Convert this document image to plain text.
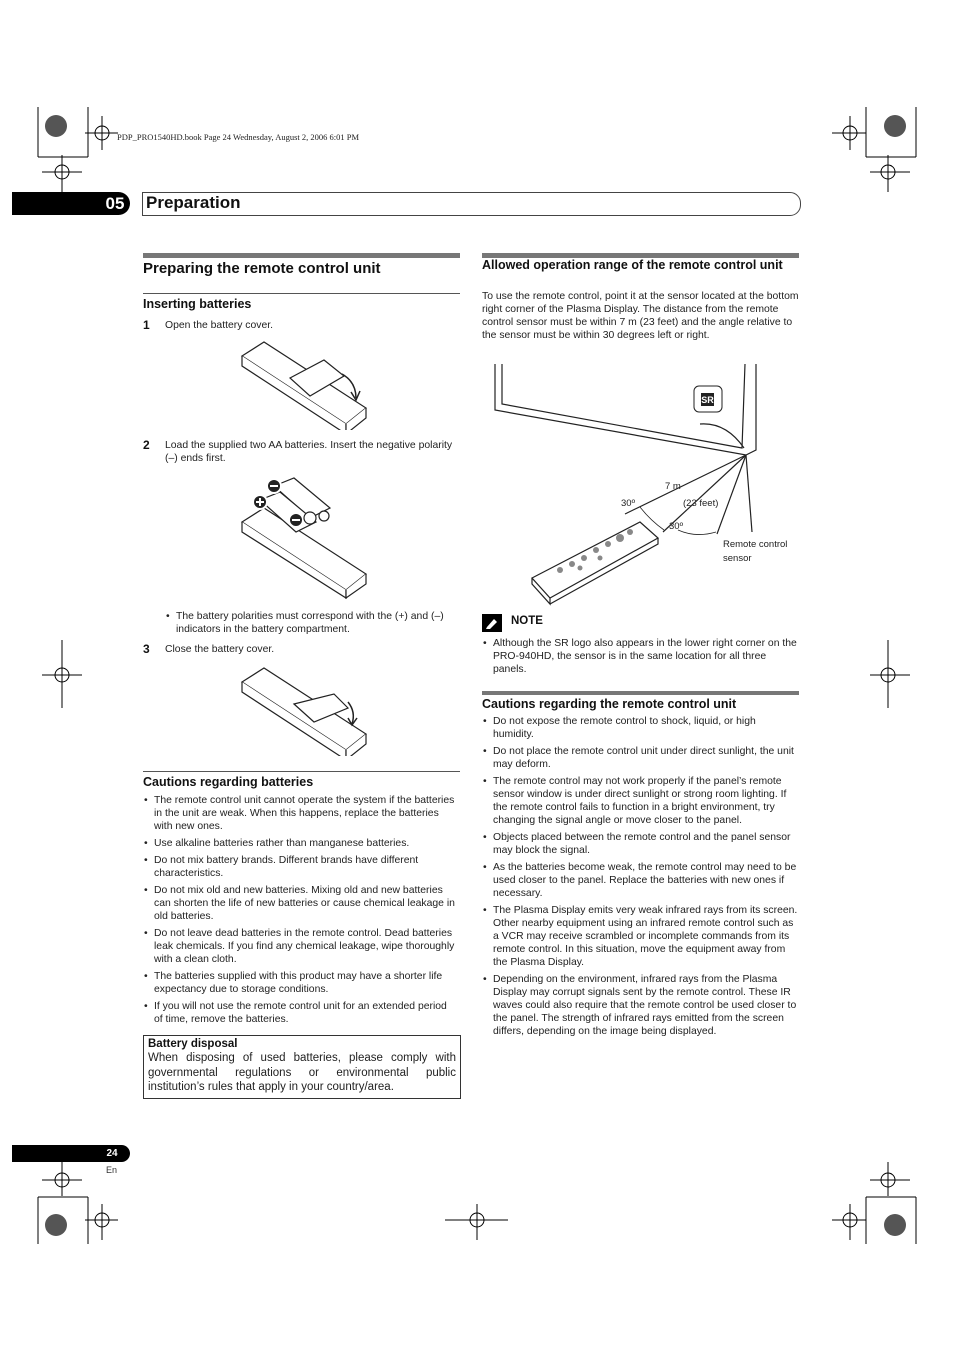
PDP_PRO1540HD.book Page 24 Wednesday, August 2, 2006 6:01 PM
05	Preparation
Preparing the remote control unit
Inserting batteries
1 Open the battery cover.
2 Load the supplied two AA batteries. Insert the negative polarity (–) ends first.
• The battery polarities must correspond with the (+) and (–) indicators in the battery compartment.
3 Close the battery cover.
Cautions regarding batteries
• The remote control unit cannot operate the system if the batteries in the unit are weak. When this happens, replace the batteries with new ones.
• Use alkaline batteries rather than manganese batteries.
• Do not mix battery brands. Different brands have different characteristics.
• Do not mix old and new batteries. Mixing old and new batteries can shorten the life of new batteries or cause chemical leakage in old batteries.
• Do not leave dead batteries in the remote control. Dead batteries leak chemicals. If you find any chemical leakage, wipe thoroughly with a clean cloth.
• The batteries supplied with this product may have a shorter life expectancy due to storage conditions.
• If you will not use the remote control unit for an extended period of time, remove the batteries.
Battery disposal
When disposing of used batteries, please comply with governmental regulations or environmental public institution’s rules that apply in your country/area.
Allowed operation range of the remote control unit
To use the remote control, point it at the sensor located at the bottom right corner of the Plasma Display. The distance from the remote control sensor must be within 7 m (23 feet) and the angle relative to the sensor must be within 30 degrees left or right.
SR
7 m
(23 feet)
30º
30º
Remote control
sensor
NOTE
• Although the SR logo also appears in the lower right corner on the PRO-940HD, the sensor is in the same location for all three panels.
Cautions regarding the remote control unit
• Do not expose the remote control to shock, liquid, or high humidity.
• Do not place the remote control unit under direct sunlight, the unit may deform.
• The remote control may not work properly if the panel’s remote sensor window is under direct sunlight or strong room lighting. If the remote control fails to function in a bright environment, try changing the signal angle or move closer to the panel.
• Objects placed between the remote control and the panel sensor may block the signal.
• As the batteries become weak, the remote control may need to be used closer to the panel. Replace the batteries with new ones if necessary.
• The Plasma Display emits very weak infrared rays from its screen. Other nearby equipment using an infrared remote control such as a VCR may receive scrambled or incomplete commands from its remote control. In this situation, move the equipment away from the Plasma Display.
• Depending on the environment, infrared rays from the Plasma Display may corrupt signals sent by the remote control. These IR waves could also require that the remote control be used closer to the panel. The strength of infrared rays emitted from the screen differs, depending on the image being displayed.
24
En
